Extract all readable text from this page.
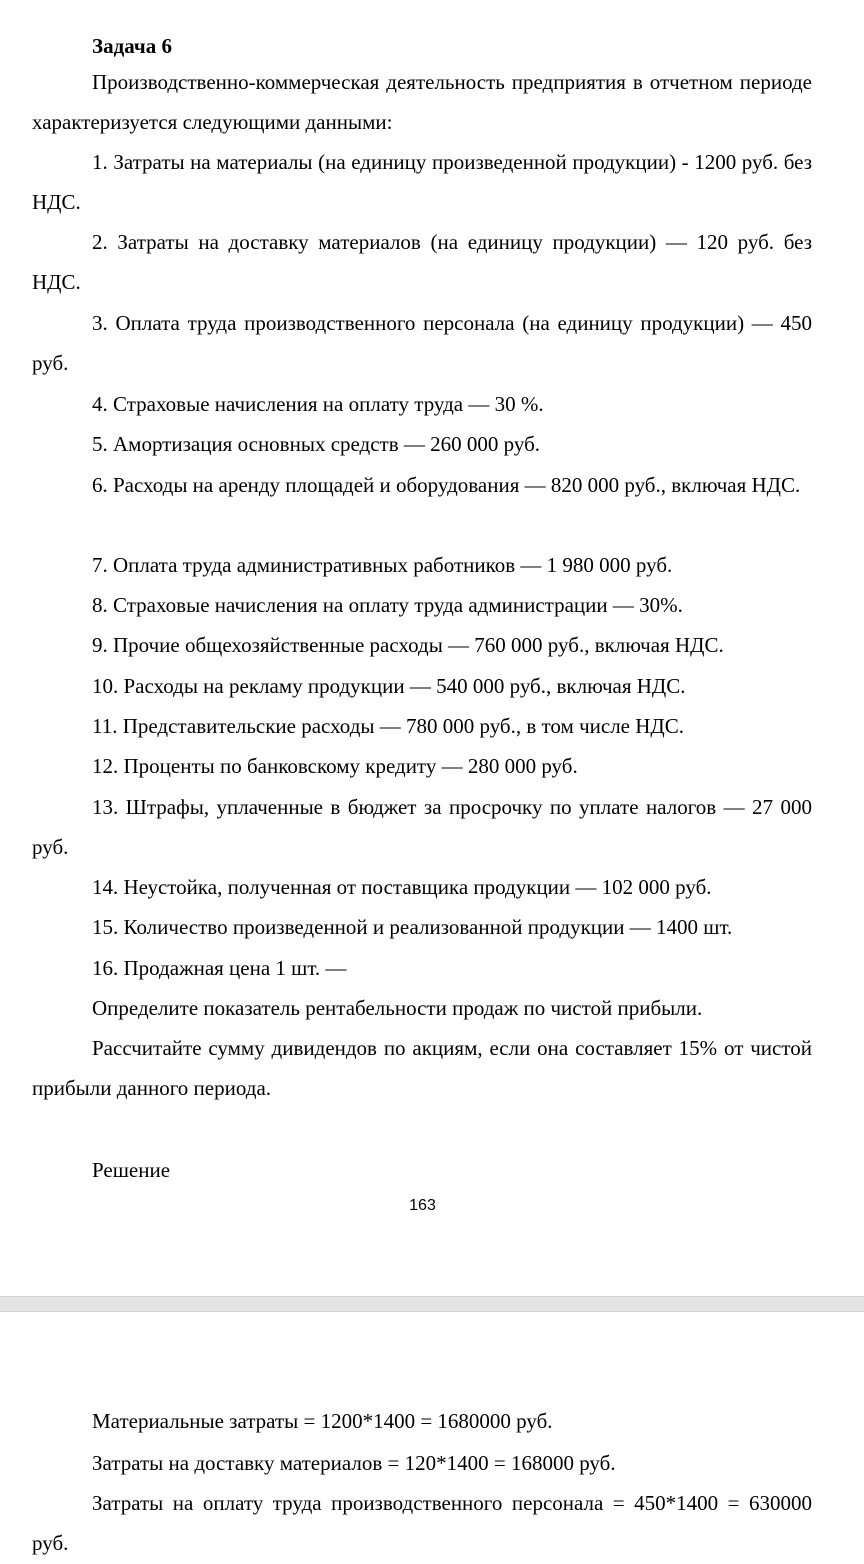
Задача 6

Производственно-коммерческая деятельность предприятия в отчетном периоде характеризуется следующими данными:

1. Затраты на материалы (на единицу произведенной продукции) - 1200 руб. без НДС.

2. Затраты на доставку материалов (на единицу продукции) — 120 руб. без НДС.

3. Оплата труда производственного персонала (на единицу продукции) — 450 руб.

4. Страховые начисления на оплату труда — 30 %.

5. Амортизация основных средств — 260 000 руб.

6. Расходы на аренду площадей и оборудования — 820 000 руб., включая НДС.

7. Оплата труда административных работников — 1 980 000 руб.

8. Страховые начисления на оплату труда администрации — 30%.

9. Прочие общехозяйственные расходы — 760 000 руб., включая НДС.

10. Расходы на рекламу продукции — 540 000 руб., включая НДС.

11. Представительские расходы — 780 000 руб., в том числе НДС.

12. Проценты по банковскому кредиту — 280 000 руб.

13. Штрафы, уплаченные в бюджет за просрочку по уплате налогов — 27 000 руб.

14. Неустойка, полученная от поставщика продукции — 102 000 руб.

15. Количество произведенной и реализованной продукции — 1400 шт.

16. Продажная цена 1 шт. —

Определите показатель рентабельности продаж по чистой прибыли.

Рассчитайте сумму дивидендов по акциям, если она составляет 15% от чистой прибыли данного периода.

Решение

163

Материальные затраты = 1200*1400 = 1680000 руб.

Затраты на доставку материалов = 120*1400 = 168000 руб.

Затраты на оплату труда производственного персонала = 450*1400 = 630000 руб.
